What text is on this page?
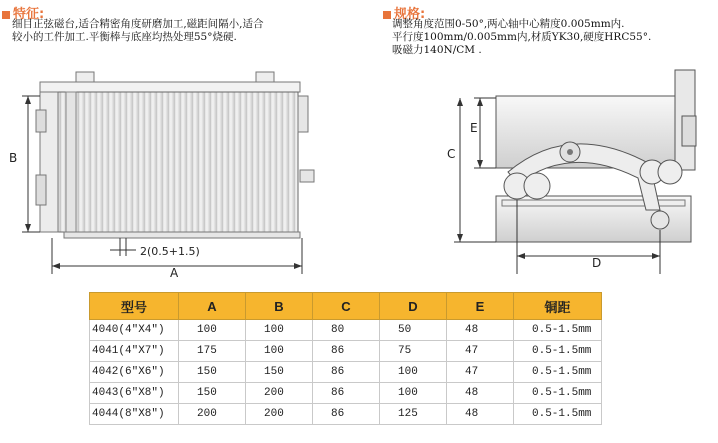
特征:
细目正弦磁台,适合精密角度研磨加工,磁距间隔小,适合
较小的工件加工.平衡棒与底座均热处理55°烧硬.
规格:
调整角度范围0-50°,两心轴中心精度0.005mm内.
平行度100mm/0.005mm内,材质YK30,硬度HRC55°.
吸磁力140N/CM .
B
2(0.5+1.5)
A
E
C
D
型号	A	B	C	D	E	铜距
4040(4"X4")	100	100	80	50	48	0.5-1.5mm
4041(4"X7")	175	100	86	75	47	0.5-1.5mm
4042(6"X6")	150	150	86	100	47	0.5-1.5mm
4043(6"X8")	150	200	86	100	48	0.5-1.5mm
4044(8"X8")	200	200	86	125	48	0.5-1.5mm
